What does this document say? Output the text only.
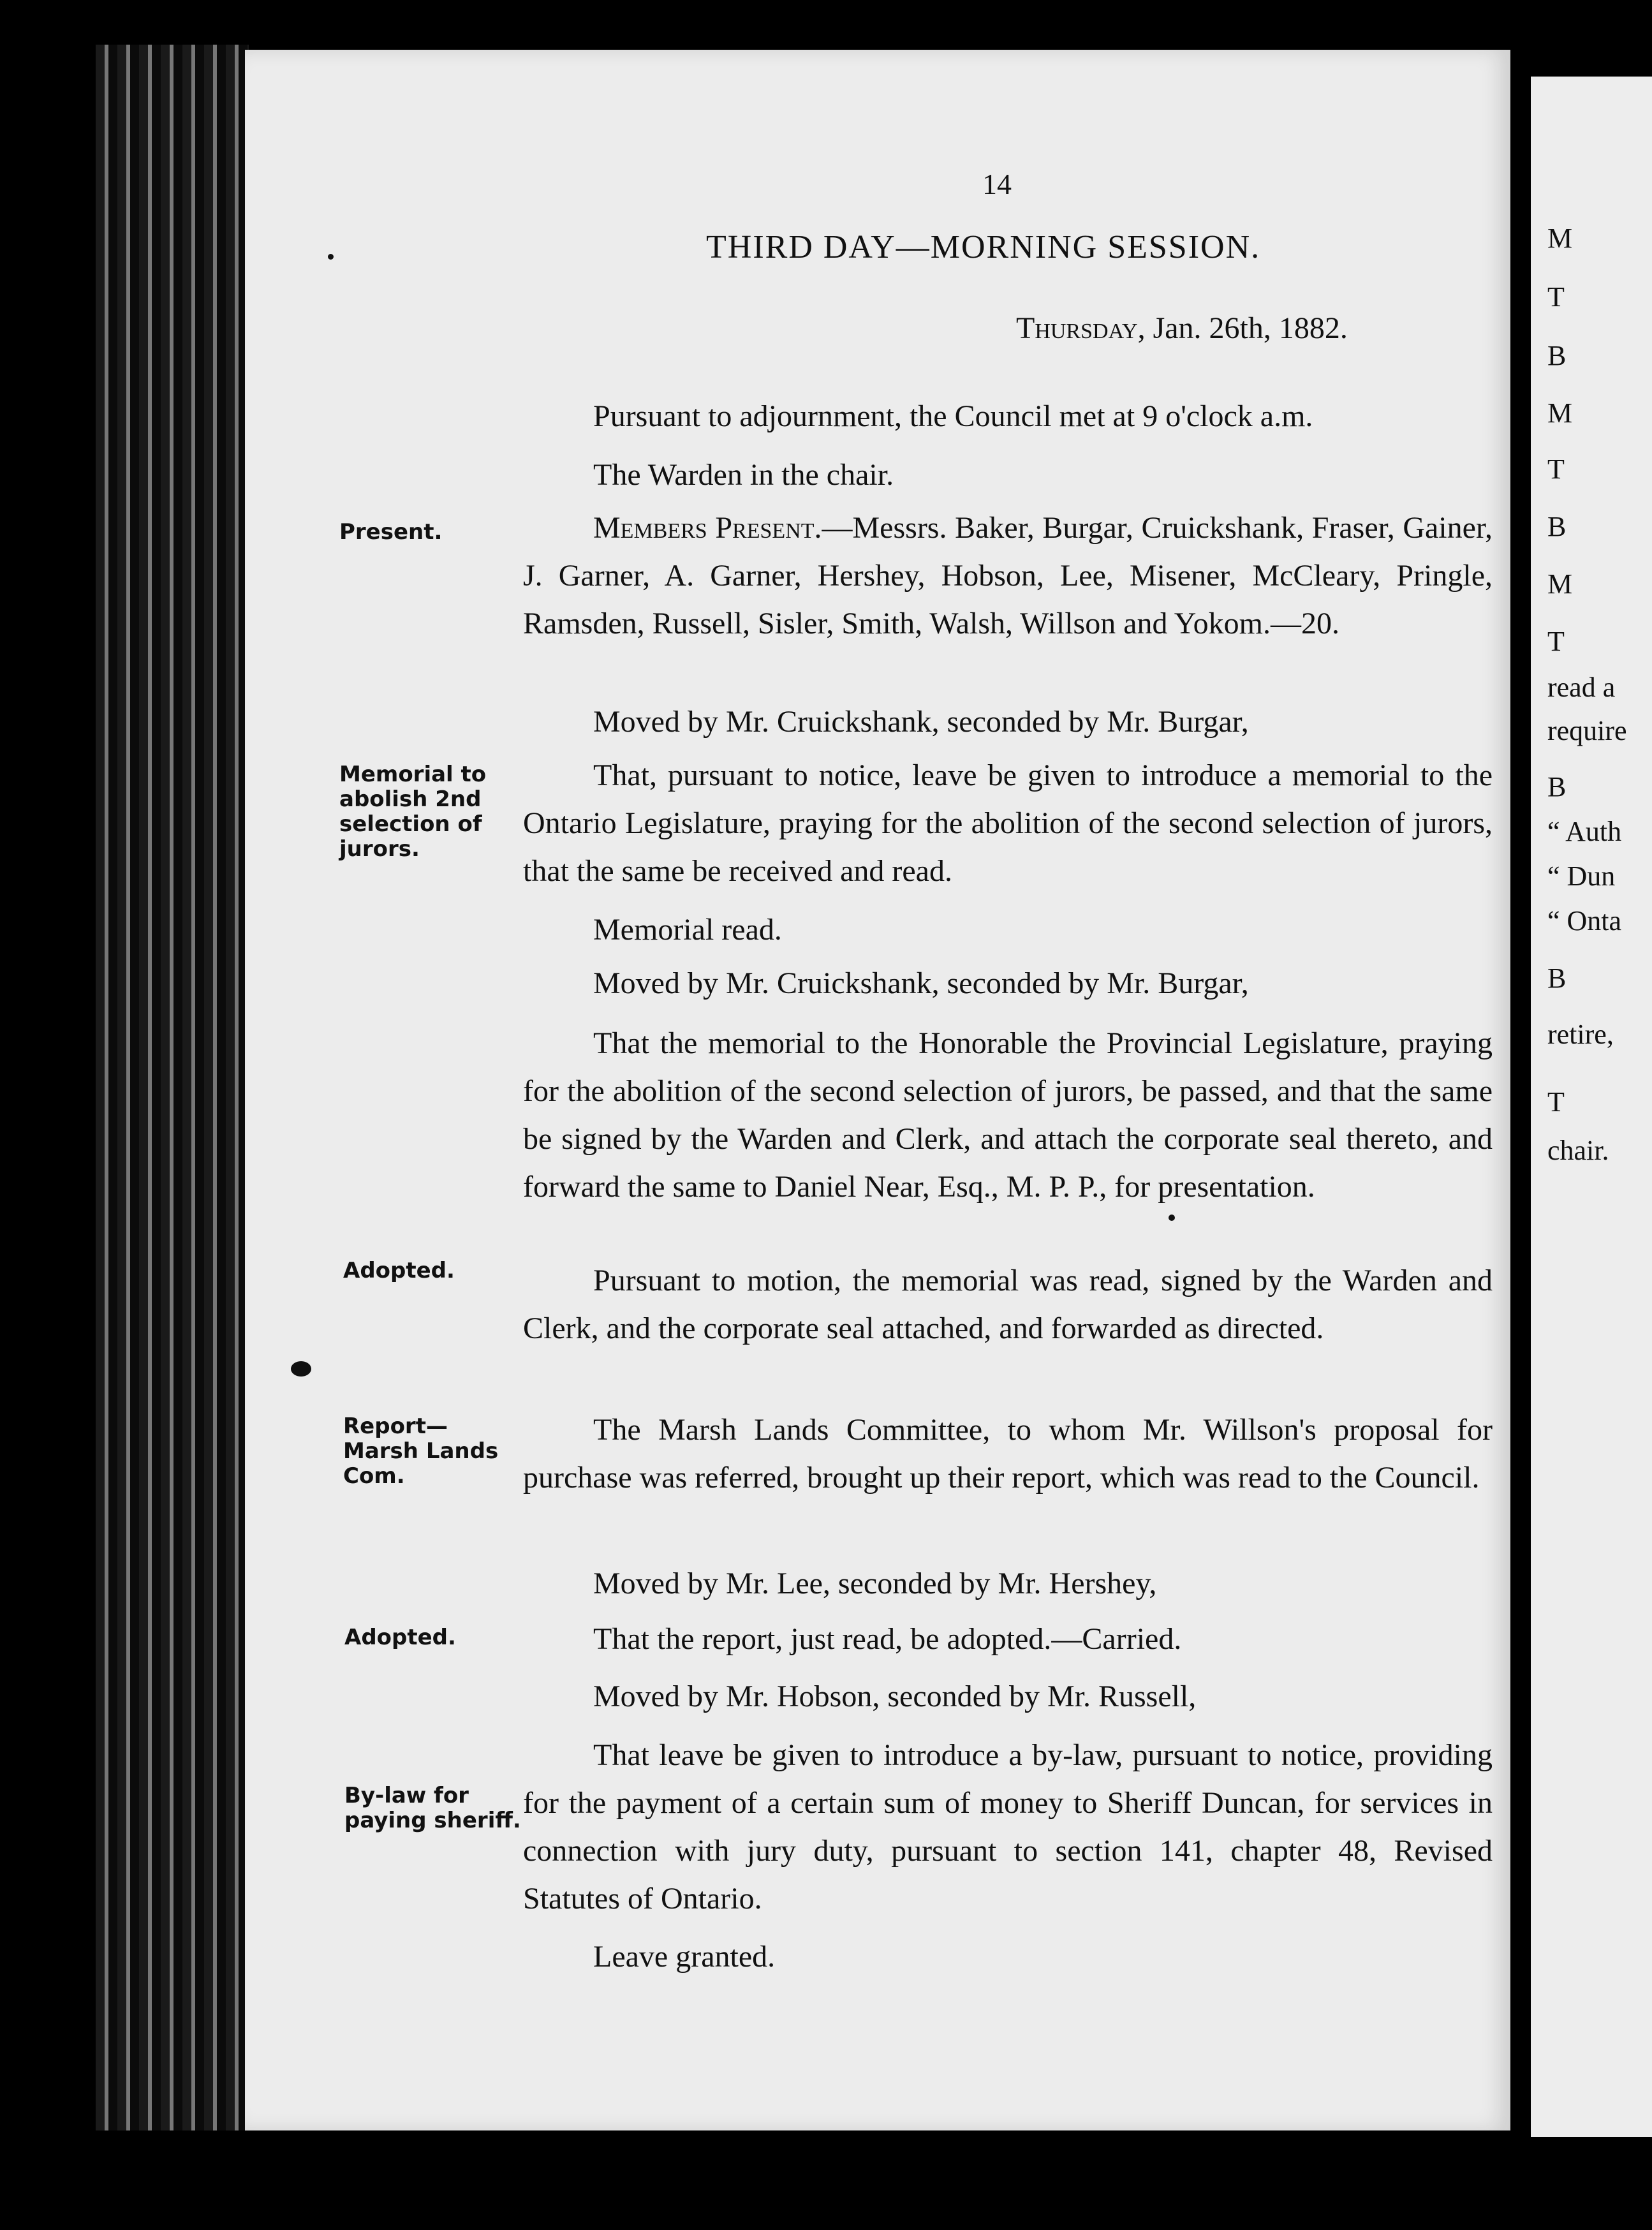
M
T
B
M
T
B
M
T
read a
require
B
“ Auth
“ Dun
“ Onta
B
retire,
T
chair.
14
THIRD DAY—MORNING SESSION.
Thursday, Jan. 26th, 1882.
Present.
Memorial to abolish 2nd selection of jurors.
Adopted.
Report— Marsh Lands Com.
Adopted.
By-law for paying sheriff.
Pursuant to adjournment, the Council met at 9 o'clock a.m.
The Warden in the chair.
Members Present.—Messrs. Baker, Burgar, Cruickshank, Fraser, Gainer, J. Garner, A. Garner, Hershey, Hobson, Lee, Misener, McCleary, Pringle, Ramsden, Russell, Sisler, Smith, Walsh, Willson and Yokom.—20.
Moved by Mr. Cruickshank, seconded by Mr. Burgar,
That, pursuant to notice, leave be given to introduce a memorial to the Ontario Legislature, praying for the abolition of the second selection of jurors, that the same be received and read.
Memorial read.
Moved by Mr. Cruickshank, seconded by Mr. Burgar,
That the memorial to the Honorable the Provincial Legislature, praying for the abolition of the second selection of jurors, be passed, and that the same be signed by the Warden and Clerk, and attach the corporate seal thereto, and forward the same to Daniel Near, Esq., M. P. P., for presentation.
Pursuant to motion, the memorial was read, signed by the Warden and Clerk, and the corporate seal attached, and forwarded as directed.
The Marsh Lands Committee, to whom Mr. Willson's proposal for purchase was referred, brought up their report, which was read to the Council.
Moved by Mr. Lee, seconded by Mr. Hershey,
That the report, just read, be adopted.—Carried.
Moved by Mr. Hobson, seconded by Mr. Russell,
That leave be given to introduce a by-law, pursuant to notice, providing for the payment of a certain sum of money to Sheriff Duncan, for services in connection with jury duty, pursuant to section 141, chapter 48, Revised Statutes of Ontario.
Leave granted.
